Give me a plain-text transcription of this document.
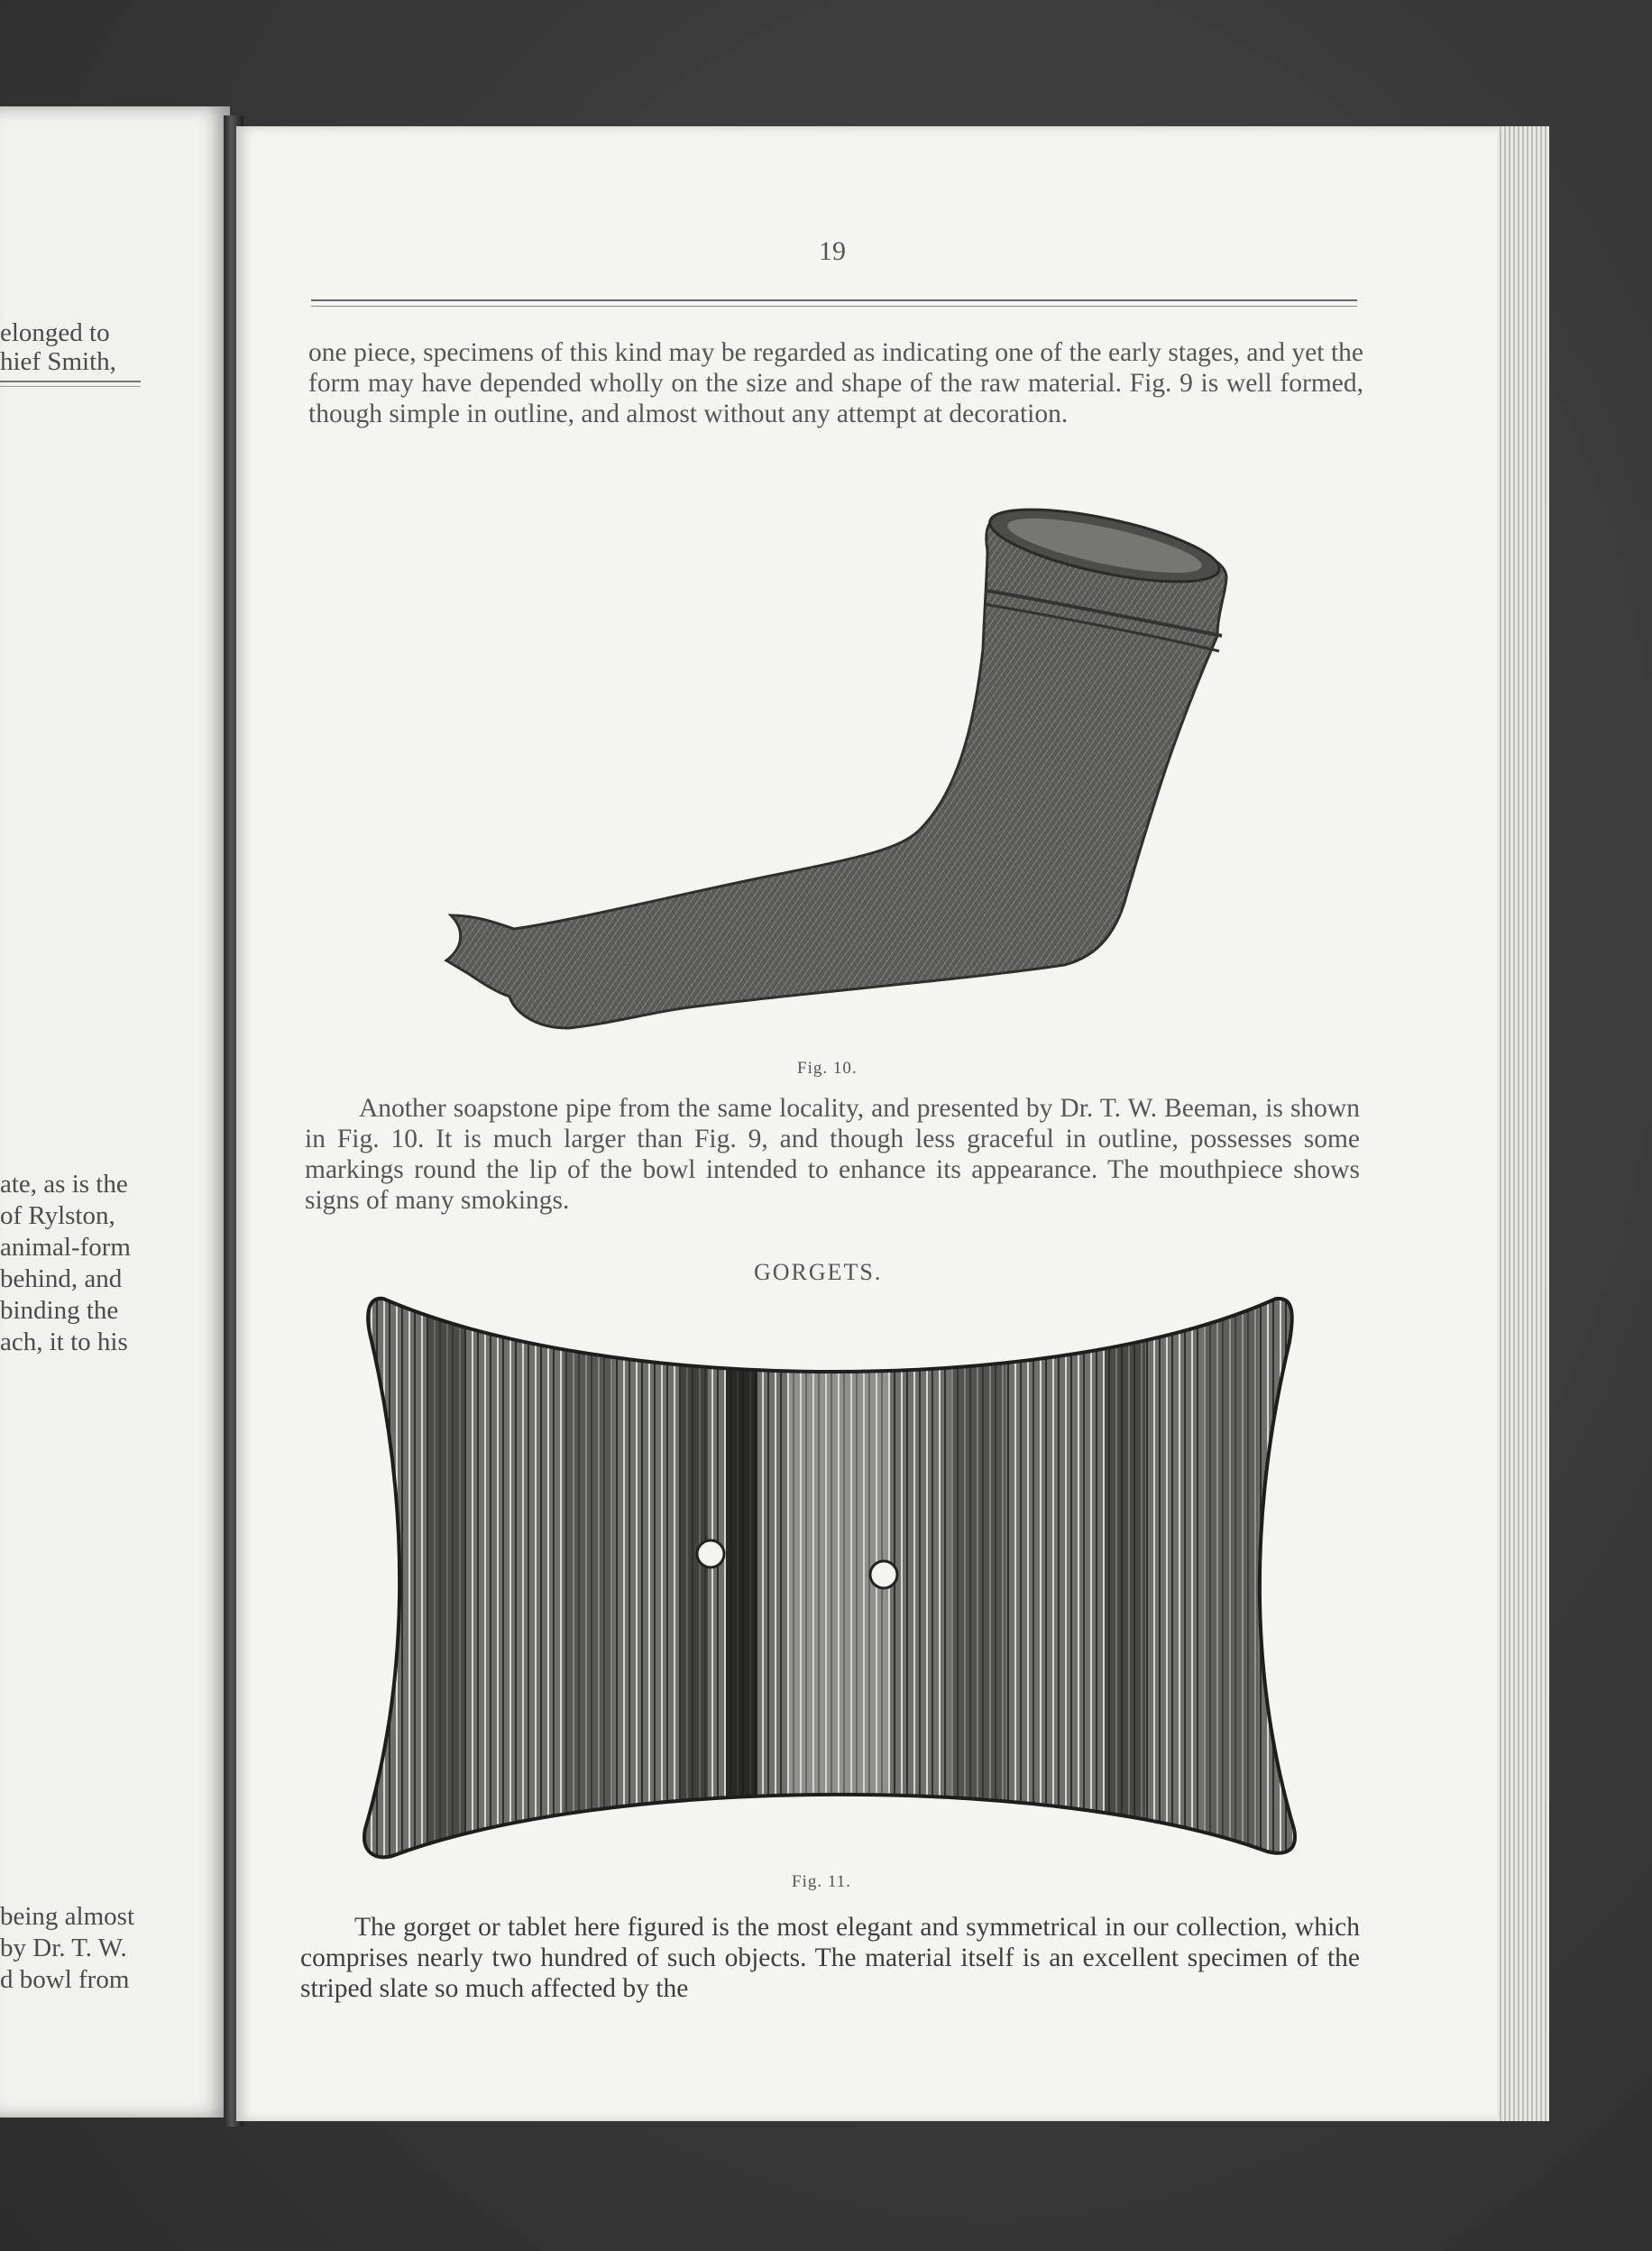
elonged to
hief Smith,
ate, as is the
of Rylston,
animal-form
behind, and
binding the
ach, it to his
being almost
by Dr. T. W.
d bowl from
19
one piece, specimens of this kind may be regarded as indicating one of the early stages, and yet the form may have depended wholly on the size and shape of the raw material. Fig. 9 is well formed, though simple in outline, and almost without any attempt at decoration.
Fig. 10.
Another soapstone pipe from the same locality, and presented by Dr. T. W. Beeman, is shown in Fig. 10. It is much larger than Fig. 9, and though less graceful in outline, possesses some markings round the lip of the bowl intended to enhance its appearance. The mouthpiece shows signs of many smokings.
GORGETS.
Fig. 11.
The gorget or tablet here figured is the most elegant and symmetrical in our collection, which comprises nearly two hundred of such objects. The material itself is an excellent specimen of the striped slate so much affected by the
